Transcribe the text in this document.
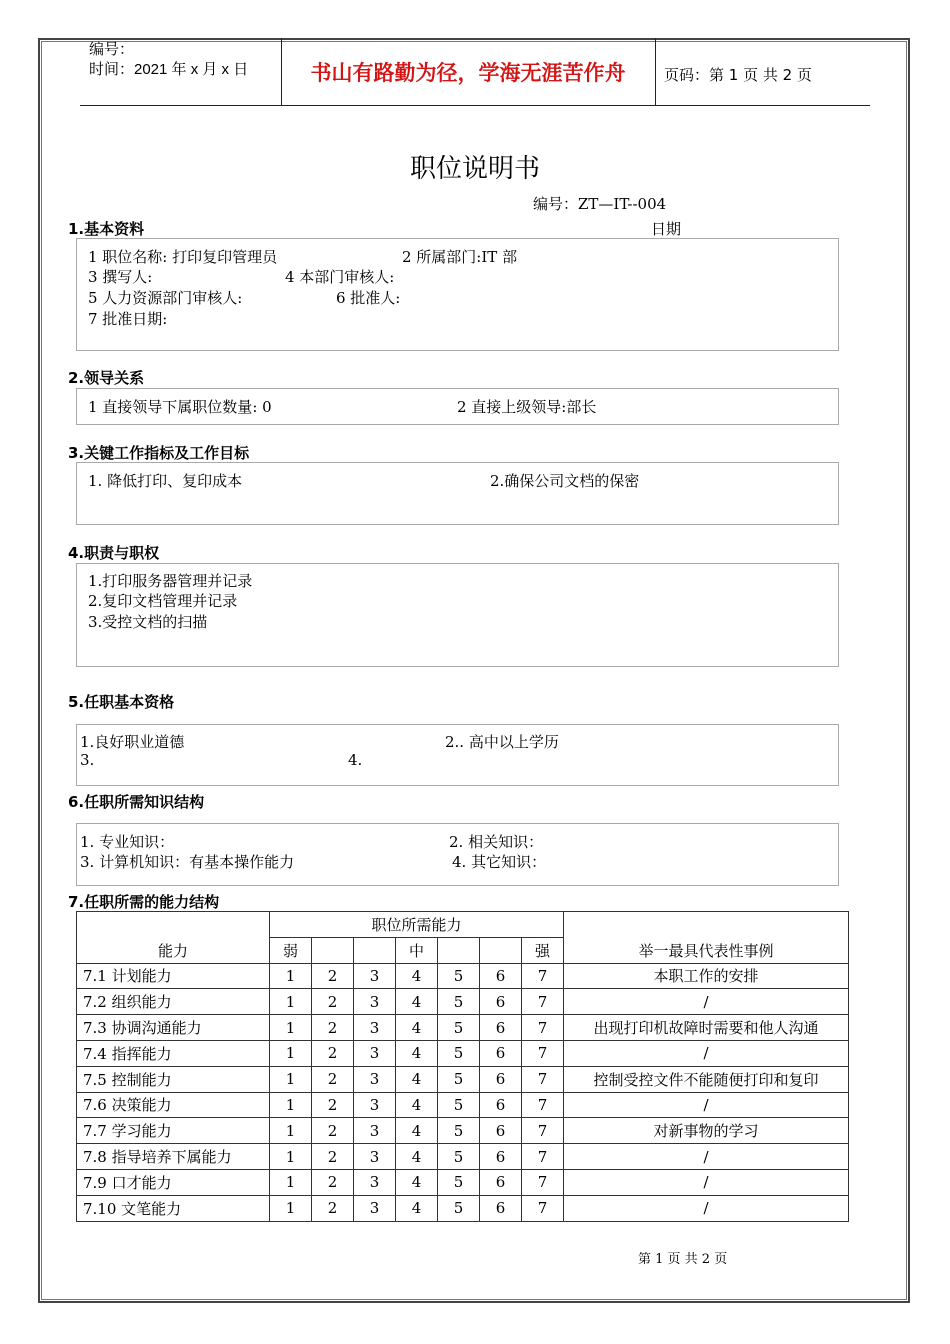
编号：
时间：2021 年 x 月 x 日	书山有路勤为径，学海无涯苦作舟	页码：第 1 页 共 2 页
职位说明书
编号：ZT—IT--004
日期
1.基本资料
1 职位名称: 打印复印管理员	2 所属部门:IT 部
3 撰写人:	4 本部门审核人:
5 人力资源部门审核人:	6 批准人:
7 批准日期:
2.领导关系
1 直接领导下属职位数量: 0	2 直接上级领导:部长
3.关键工作指标及工作目标
1. 降低打印、复印成本	2.确保公司文档的保密
4.职责与职权
1.打印服务器管理并记录
2.复印文档管理并记录
3.受控文档的扫描
5.任职基本资格
1.良好职业道德	2.. 高中以上学历
3.	4.
6.任职所需知识结构
1. 专业知识：	2. 相关知识：
3. 计算机知识：有基本操作能力	4. 其它知识：
7.任职所需的能力结构
能力	职位所需能力							举一最具代表性事例
	弱			中			强	
7.1 计划能力	1	2	3	4	5	6	7	本职工作的安排
7.2 组织能力	1	2	3	4	5	6	7	/
7.3 协调沟通能力	1	2	3	4	5	6	7	出现打印机故障时需要和他人沟通
7.4 指挥能力	1	2	3	4	5	6	7	/
7.5 控制能力	1	2	3	4	5	6	7	控制受控文件不能随便打印和复印
7.6 决策能力	1	2	3	4	5	6	7	/
7.7 学习能力	1	2	3	4	5	6	7	对新事物的学习
7.8 指导培养下属能力	1	2	3	4	5	6	7	/
7.9 口才能力	1	2	3	4	5	6	7	/
7.10 文笔能力	1	2	3	4	5	6	7	/
第 1 页 共 2 页
